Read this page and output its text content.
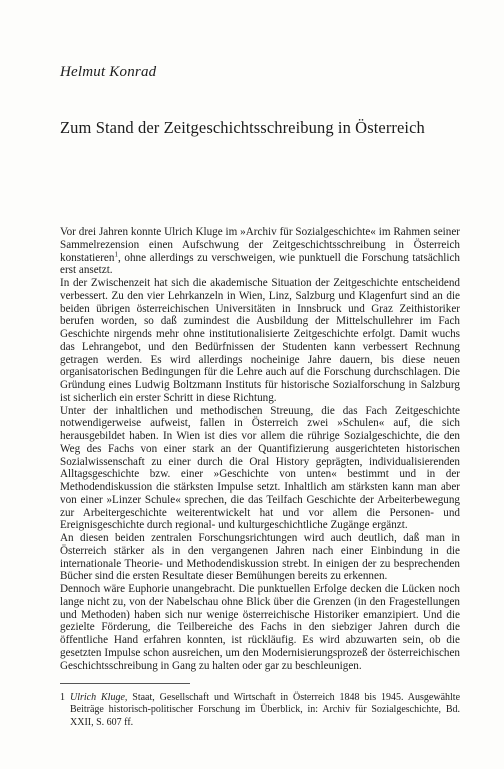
Helmut Konrad
Zum Stand der Zeitgeschichtsschreibung in Österreich

Vor drei Jahren konnte Ulrich Kluge im »Archiv für Sozialgeschichte« im Rahmen seiner Sammelrezension einen Aufschwung der Zeitgeschichtsschreibung in Österreich konstatieren$^1$, ohne allerdings zu verschweigen, wie punktuell die Forschung tatsächlich erst ansetzt.

In der Zwischenzeit hat sich die akademische Situation der Zeitgeschichte entscheidend verbessert. Zu den vier Lehrkanzeln in Wien, Linz, Salzburg und Klagenfurt sind an die beiden übrigen österreichischen Universitäten in Innsbruck und Graz Zeithistoriker berufen worden, so daß zumindest die Ausbildung der Mittelschullehrer im Fach Geschichte nirgends mehr ohne institutionalisierte Zeitgeschichte erfolgt. Damit wuchs das Lehrangebot, und den Bedürfnissen der Studenten kann verbessert Rechnung getragen werden. Es wird allerdings nocheinige Jahre dauern, bis diese neuen organisatorischen Bedingungen für die Lehre auch auf die Forschung durchschlagen. Die Gründung eines Ludwig Boltzmann Instituts für historische Sozialforschung in Salzburg ist sicherlich ein erster Schritt in diese Richtung.

Unter der inhaltlichen und methodischen Streuung, die das Fach Zeitgeschichte notwendigerweise aufweist, fallen in Österreich zwei »Schulen« auf, die sich herausgebildet haben. In Wien ist dies vor allem die rührige Sozialgeschichte, die den Weg des Fachs von einer stark an der Quantifizierung ausgerichteten historischen Sozialwissenschaft zu einer durch die Oral History geprägten, individualisierenden Alltagsgeschichte bzw. einer »Geschichte von unten« bestimmt und in der Methodendiskussion die stärksten Impulse setzt. Inhaltlich am stärksten kann man aber von einer »Linzer Schule« sprechen, die das Teilfach Geschichte der Arbeiterbewegung zur Arbeitergeschichte weiterentwickelt hat und vor allem die Personen- und Ereignisgeschichte durch regional- und kulturgeschichtliche Zugänge ergänzt.

An diesen beiden zentralen Forschungsrichtungen wird auch deutlich, daß man in Österreich stärker als in den vergangenen Jahren nach einer Einbindung in die internationale Theorie- und Methodendiskussion strebt. In einigen der zu besprechenden Bücher sind die ersten Resultate dieser Bemühungen bereits zu erkennen.

Dennoch wäre Euphorie unangebracht. Die punktuellen Erfolge decken die Lücken noch lange nicht zu, von der Nabelschau ohne Blick über die Grenzen (in den Fragestellungen und Methoden) haben sich nur wenige österreichische Historiker emanzipiert. Und die gezielte Förderung, die Teilbereiche des Fachs in den siebziger Jahren durch die öffentliche Hand erfahren konnten, ist rückläufig. Es wird abzuwarten sein, ob die gesetzten Impulse schon ausreichen, um den Modernisierungsprozeß der österreichischen Geschichtsschreibung in Gang zu halten oder gar zu beschleunigen.

1 Ulrich Kluge, Staat, Gesellschaft und Wirtschaft in Österreich 1848 bis 1945. Ausgewählte Beiträge historisch-politischer Forschung im Überblick, in: Archiv für Sozialgeschichte, Bd. XXII, S. 607 ff.
